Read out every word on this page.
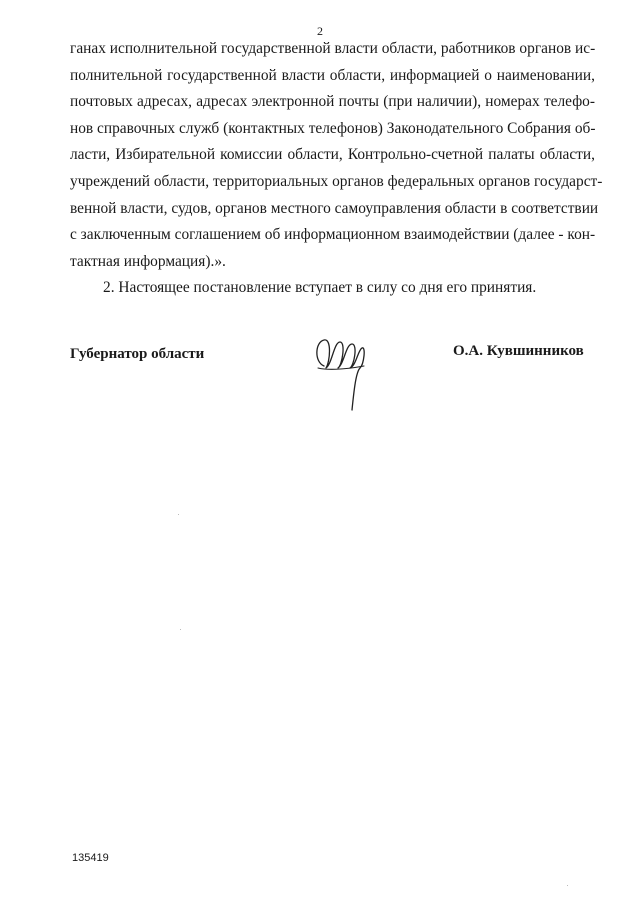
2
ганах исполнительной государственной власти области, работников органов ис-
полнительной государственной власти области, информацией о наименовании,
почтовых адресах, адресах электронной почты (при наличии), номерах телефо-
нов справочных служб (контактных телефонов) Законодательного Собрания об-
ласти, Избирательной комиссии области, Контрольно-счетной палаты области,
учреждений области, территориальных органов федеральных органов государст-
венной власти, судов, органов местного самоуправления области в соответствии
с заключенным соглашением об информационном взаимодействии (далее - кон-
тактная информация).».
2. Настоящее постановление вступает в силу со дня его принятия.
Губернатор области	О.А. Кувшинников
135419
